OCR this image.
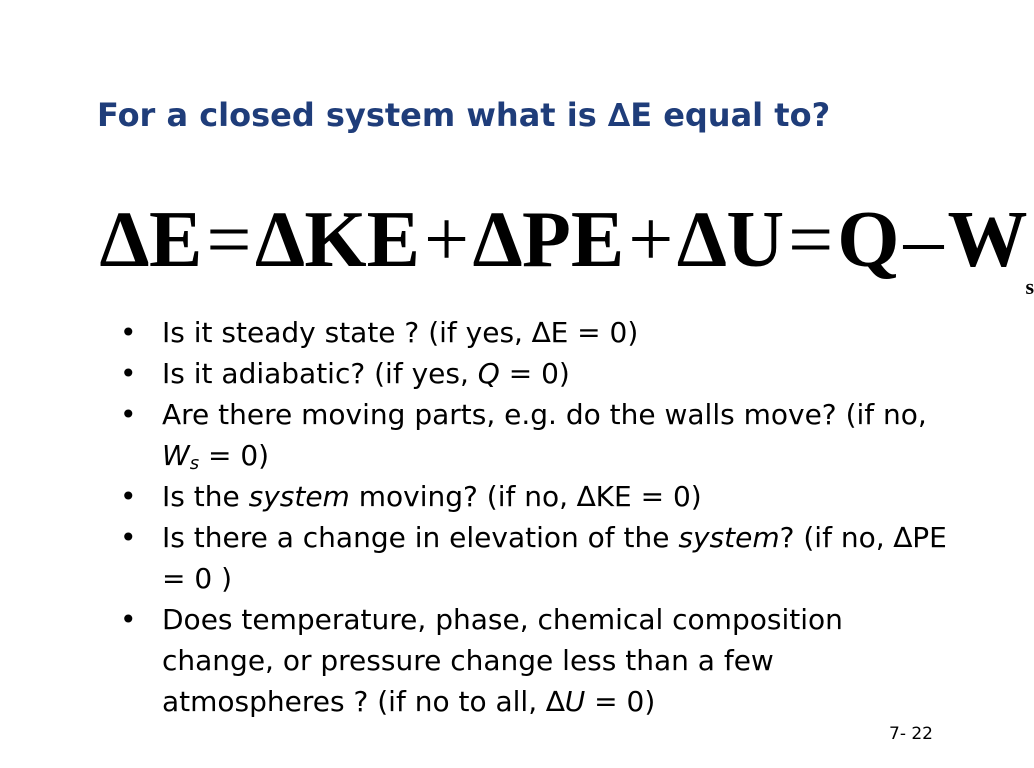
For a closed system what is ∆E equal to?
$\Delta E=\Delta KE+\Delta PE+\Delta U=Q-W_s$
• Is it steady state ? (if yes, ∆E = 0)
• Is it adiabatic? (if yes, Q = 0)
• Are there moving parts, e.g. do the walls move? (if no, $W_s = 0$)
• Is the system moving? (if no, ∆KE = 0)
• Is there a change in elevation of the system? (if no, ∆PE = 0 )
• Does temperature, phase, chemical composition change, or pressure change less than a few atmospheres ? (if no to all, ∆U = 0)
7- 22
